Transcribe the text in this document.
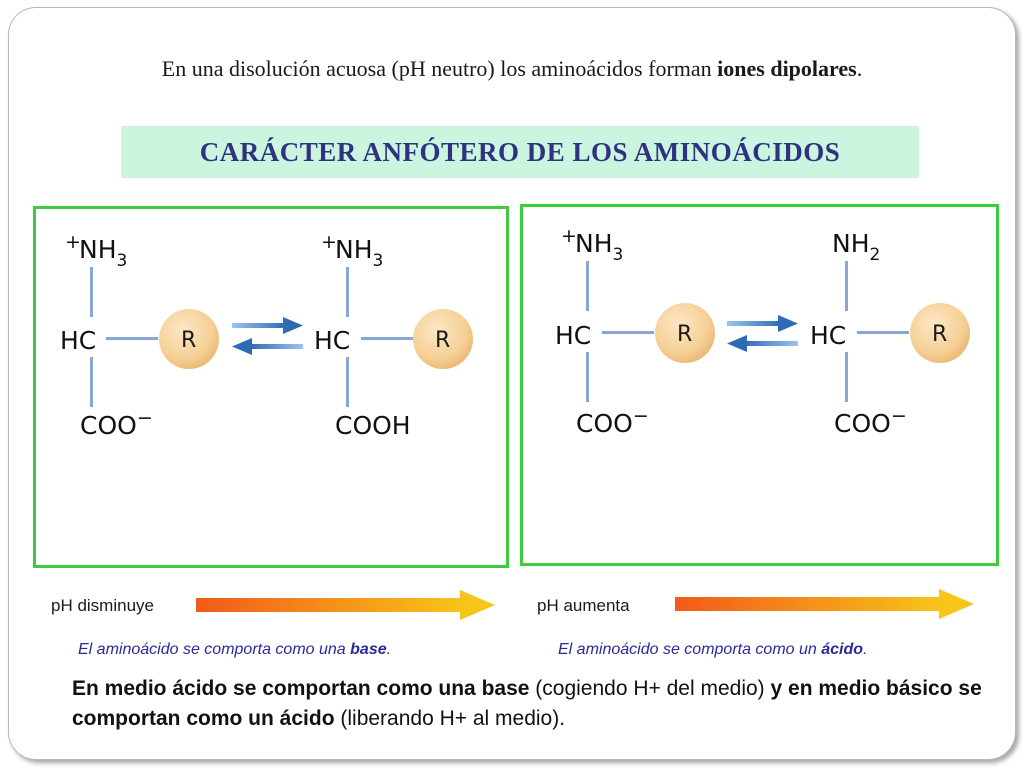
En una disolución acuosa (pH neutro) los aminoácidos forman iones dipolares.
CARÁCTER ANFÓTERO DE LOS AMINOÁCIDOS
+
$NH_3$
HC	R
COO−
+
$NH_3$
HC	R
COOH
+
$NH_3$
HC	R
COO−
$NH_2$
HC	R
COO−
pH disminuye	pH aumenta
El aminoácido se comporta como una base.	El aminoácido se comporta como un ácido.
En medio ácido se comportan como una base (cogiendo H+ del medio) y en medio básico se comportan como un ácido (liberando H+ al medio).
